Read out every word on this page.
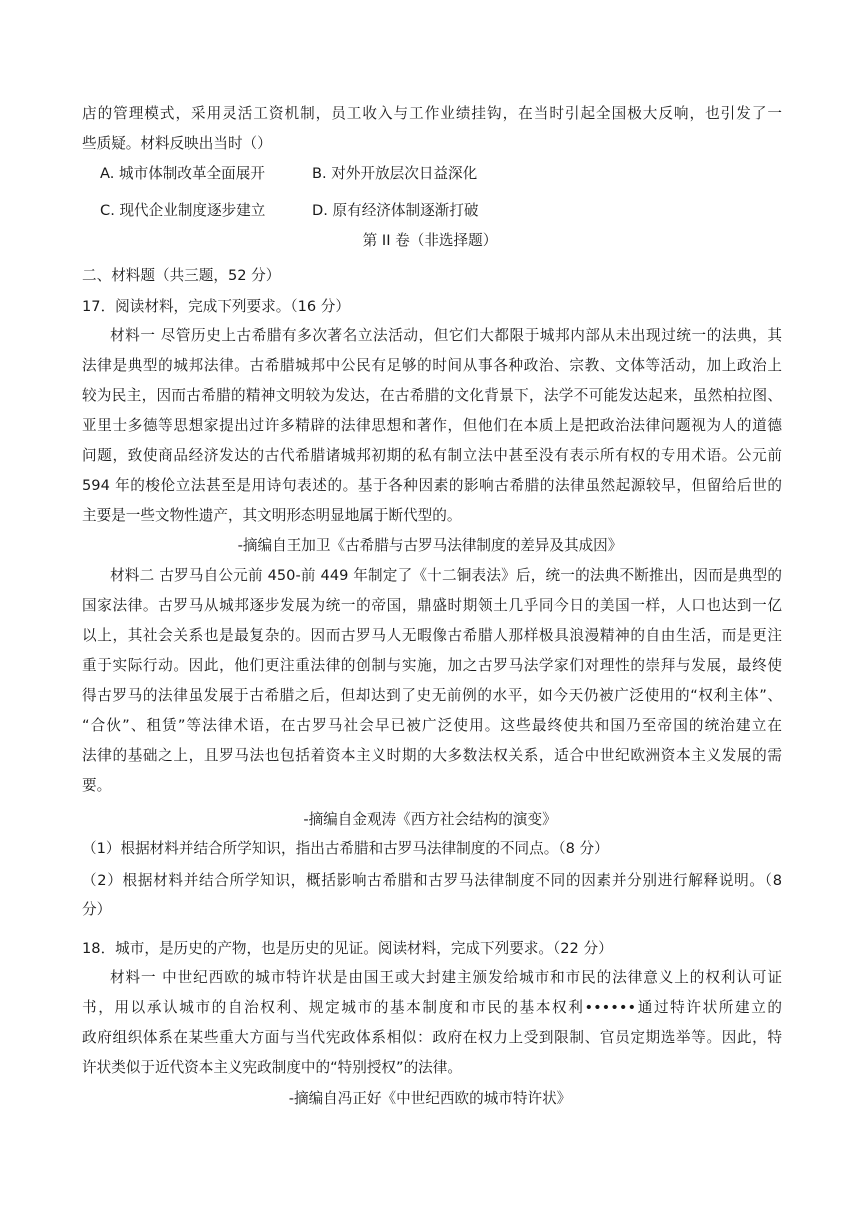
店的管理模式，采用灵活工资机制，员工收入与工作业绩挂钩，在当时引起全国极大反响，也引发了一
些质疑。材料反映出当时（）
A. 城市体制改革全面展开	B. 对外开放层次日益深化
C. 现代企业制度逐步建立	D. 原有经济体制逐渐打破
第 II 卷（非选择题）
二、材料题（共三题，52 分）
17．阅读材料，完成下列要求。（16 分）
材料一 尽管历史上古希腊有多次著名立法活动，但它们大都限于城邦内部从未出现过统一的法典，其
法律是典型的城邦法律。古希腊城邦中公民有足够的时间从事各种政治、宗教、文体等活动，加上政治上
较为民主，因而古希腊的精神文明较为发达，在古希腊的文化背景下，法学不可能发达起来，虽然柏拉图、
亚里士多德等思想家提出过许多精辟的法律思想和著作，但他们在本质上是把政治法律问题视为人的道德
问题，致使商品经济发达的古代希腊诸城邦初期的私有制立法中甚至没有表示所有权的专用术语。公元前
594 年的梭伦立法甚至是用诗句表述的。基于各种因素的影响古希腊的法律虽然起源较早，但留给后世的
主要是一些文物性遗产，其文明形态明显地属于断代型的。
-摘编自王加卫《古希腊与古罗马法律制度的差异及其成因》
材料二 古罗马自公元前 450-前 449 年制定了《十二铜表法》后，统一的法典不断推出，因而是典型的
国家法律。古罗马从城邦逐步发展为统一的帝国，鼎盛时期领土几乎同今日的美国一样，人口也达到一亿
以上，其社会关系也是最复杂的。因而古罗马人无暇像古希腊人那样极具浪漫精神的自由生活，而是更注
重于实际行动。因此，他们更注重法律的创制与实施，加之古罗马法学家们对理性的崇拜与发展，最终使
得古罗马的法律虽发展于古希腊之后，但却达到了史无前例的水平，如今天仍被广泛使用的“权利主体”、
“合伙”、租赁”等法律术语，在古罗马社会早已被广泛使用。这些最终使共和国乃至帝国的统治建立在
法律的基础之上，且罗马法也包括着资本主义时期的大多数法权关系，适合中世纪欧洲资本主义发展的需
要。
-摘编自金观涛《西方社会结构的演变》
（1）根据材料并结合所学知识，指出古希腊和古罗马法律制度的不同点。（8 分）
（2）根据材料并结合所学知识，概括影响古希腊和古罗马法律制度不同的因素并分别进行解释说明。（8
分）
18．城市，是历史的产物，也是历史的见证。阅读材料，完成下列要求。（22 分）
材料一 中世纪西欧的城市特许状是由国王或大封建主颁发给城市和市民的法律意义上的权利认可证
书，用以承认城市的自治权利、规定城市的基本制度和市民的基本权利••••••通过特许状所建立的
政府组织体系在某些重大方面与当代宪政体系相似：政府在权力上受到限制、官员定期选举等。因此，特
许状类似于近代资本主义宪政制度中的“特别授权”的法律。
-摘编自冯正好《中世纪西欧的城市特许状》
